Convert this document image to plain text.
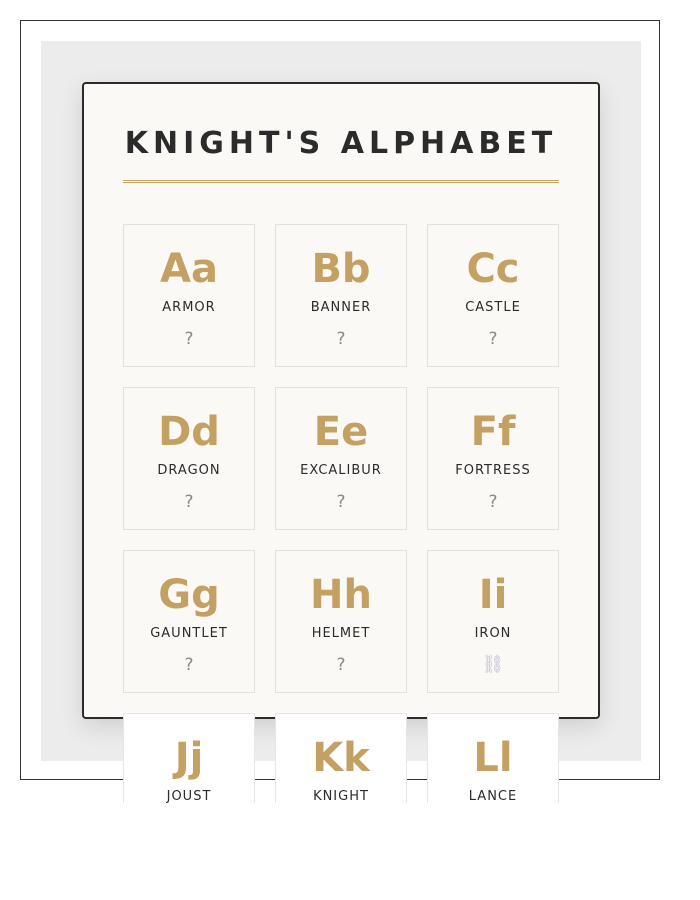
KNIGHT'S ALPHABET
Aa
ARMOR
?
Bb
BANNER
?
Cc
CASTLE
?
Dd
DRAGON
?
Ee
EXCALIBUR
?
Ff
FORTRESS
?
Gg
GAUNTLET
?
Hh
HELMET
?
Ii
IRON
⛓
Jj
JOUST
Kk
KNIGHT
Ll
LANCE
